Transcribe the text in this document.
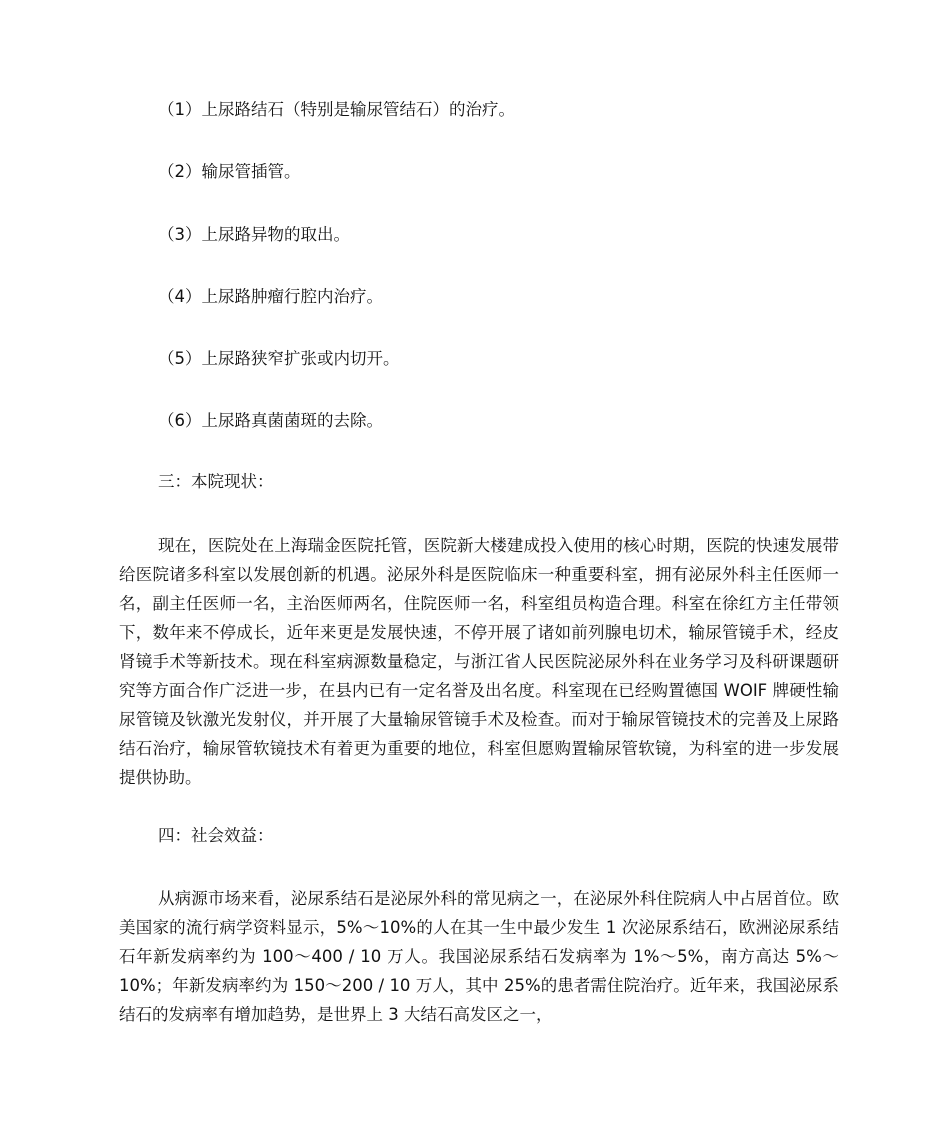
（1）上尿路结石（特别是输尿管结石）的治疗。
（2）输尿管插管。
（3）上尿路异物的取出。
（4）上尿路肿瘤行腔内治疗。
（5）上尿路狭窄扩张或内切开。
（6）上尿路真菌菌斑的去除。
三：本院现状：

现在，医院处在上海瑞金医院托管，医院新大楼建成投入使用的核心时期，医院的快速发展带给医院诸多科室以发展创新的机遇。泌尿外科是医院临床一种重要科室，拥有泌尿外科主任医师一名，副主任医师一名，主治医师两名，住院医师一名，科室组员构造合理。科室在徐红方主任带领下，数年来不停成长，近年来更是发展快速，不停开展了诸如前列腺电切术，输尿管镜手术，经皮肾镜手术等新技术。现在科室病源数量稳定，与浙江省人民医院泌尿外科在业务学习及科研课题研究等方面合作广泛进一步，在县内已有一定名誉及出名度。科室现在已经购置德国 WOIF 牌硬性输尿管镜及钬激光发射仪，并开展了大量输尿管镜手术及检查。而对于输尿管镜技术的完善及上尿路结石治疗，输尿管软镜技术有着更为重要的地位，科室但愿购置输尿管软镜，为科室的进一步发展提供协助。

四：社会效益：

从病源市场来看，泌尿系结石是泌尿外科的常见病之一，在泌尿外科住院病人中占居首位。欧美国家的流行病学资料显示，5%～10%的人在其一生中最少发生 1 次泌尿系结石，欧洲泌尿系结石年新发病率约为 100～400 / 10 万人。我国泌尿系结石发病率为 1%～5%，南方高达 5%～10%；年新发病率约为 150～200 / 10 万人，其中 25%的患者需住院治疗。近年来，我国泌尿系结石的发病率有增加趋势，是世界上 3 大结石高发区之一，
